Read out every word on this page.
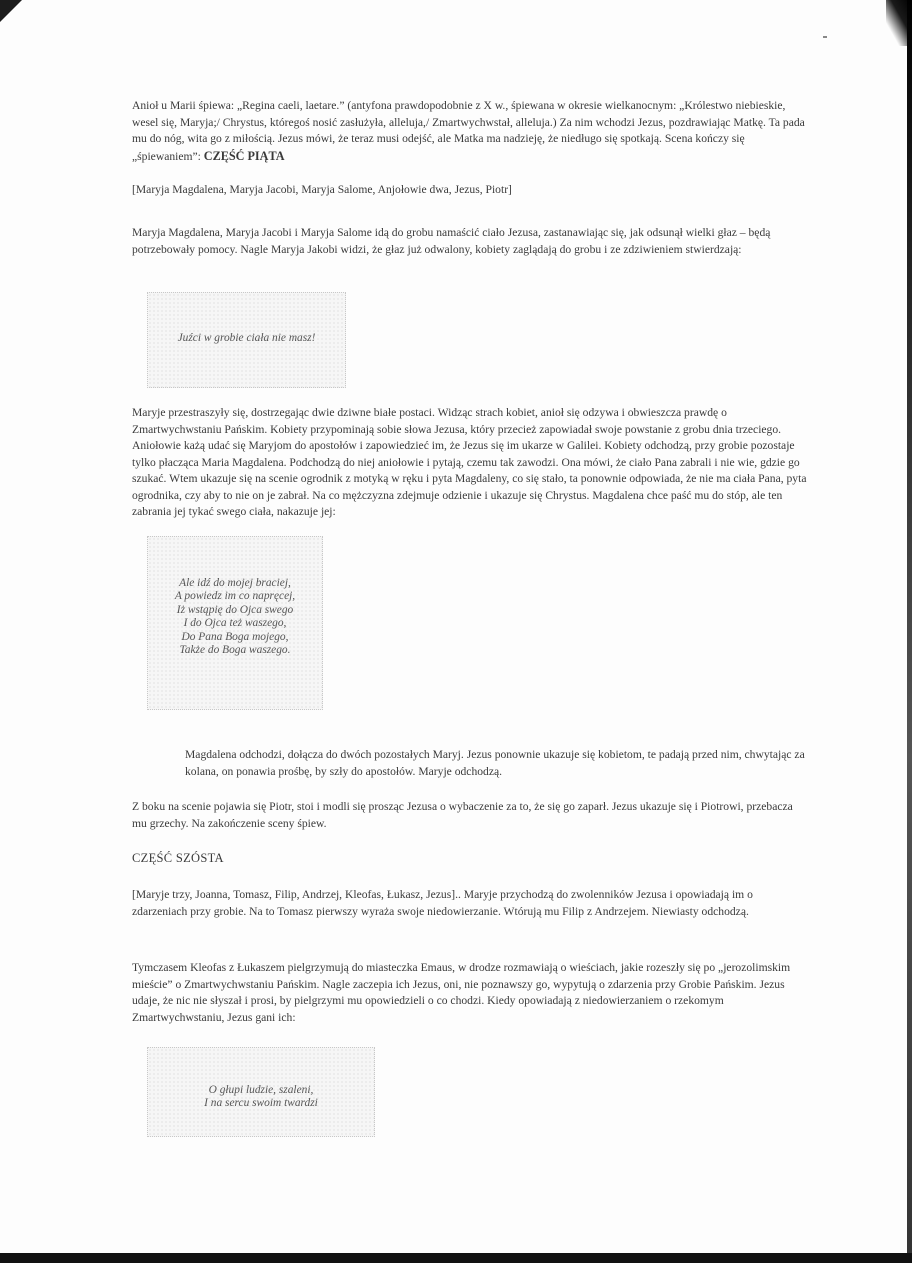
Anioł u Marii śpiewa: „Regina caeli, laetare.” (antyfona prawdopodobnie z X w., śpiewana w okresie wielkanocnym: „Królestwo niebieskie, wesel się, Maryja;/ Chrystus, któregoś nosić zasłużyła, alleluja,/ Zmartwychwstał, alleluja.) Za nim wchodzi Jezus, pozdrawiając Matkę. Ta pada mu do nóg, wita go z miłością. Jezus mówi, że teraz musi odejść, ale Matka ma nadzieję, że niedługo się spotkają. Scena kończy się „śpiewaniem”: CZĘŚĆ PIĄTA

[Maryja Magdalena, Maryja Jacobi, Maryja Salome, Anjołowie dwa, Jezus, Piotr]

Maryja Magdalena, Maryja Jacobi i Maryja Salome idą do grobu namaścić ciało Jezusa, zastanawiając się, jak odsunął wielki głaz – będą potrzebowały pomocy. Nagle Maryja Jakobi widzi, że głaz już odwalony, kobiety zaglądają do grobu i ze zdziwieniem stwierdzają:

Juźci w grobie ciała nie masz!

Maryje przestraszyły się, dostrzegając dwie dziwne białe postaci. Widząc strach kobiet, anioł się odzywa i obwieszcza prawdę o Zmartwychwstaniu Pańskim. Kobiety przypominają sobie słowa Jezusa, który przecież zapowiadał swoje powstanie z grobu dnia trzeciego. Aniołowie każą udać się Maryjom do apostołów i zapowiedzieć im, że Jezus się im ukarze w Galilei. Kobiety odchodzą, przy grobie pozostaje tylko płacząca Maria Magdalena. Podchodzą do niej aniołowie i pytają, czemu tak zawodzi. Ona mówi, że ciało Pana zabrali i nie wie, gdzie go szukać. Wtem ukazuje się na scenie ogrodnik z motyką w ręku i pyta Magdaleny, co się stało, ta ponownie odpowiada, że nie ma ciała Pana, pyta ogrodnika, czy aby to nie on je zabrał. Na co mężczyzna zdejmuje odzienie i ukazuje się Chrystus. Magdalena chce paść mu do stóp, ale ten zabrania jej tykać swego ciała, nakazuje jej:

Ale idź do mojej braciej,
A powiedz im co napręcej,
Iż wstąpię do Ojca swego
I do Ojca też waszego,
Do Pana Boga mojego,
Także do Boga waszego.

Magdalena odchodzi, dołącza do dwóch pozostałych Maryj. Jezus ponownie ukazuje się kobietom, te padają przed nim, chwytając za kolana, on ponawia prośbę, by szły do apostołów. Maryje odchodzą.

Z boku na scenie pojawia się Piotr, stoi i modli się prosząc Jezusa o wybaczenie za to, że się go zaparł. Jezus ukazuje się i Piotrowi, przebacza mu grzechy. Na zakończenie sceny śpiew.

CZĘŚĆ SZÓSTA

[Maryje trzy, Joanna, Tomasz, Filip, Andrzej, Kleofas, Łukasz, Jezus].. Maryje przychodzą do zwolenników Jezusa i opowiadają im o zdarzeniach przy grobie. Na to Tomasz pierwszy wyraża swoje niedowierzanie. Wtórują mu Filip z Andrzejem. Niewiasty odchodzą.

Tymczasem Kleofas z Łukaszem pielgrzymują do miasteczka Emaus, w drodze rozmawiają o wieściach, jakie rozeszły się po „jerozolimskim mieście” o Zmartwychwstaniu Pańskim. Nagle zaczepia ich Jezus, oni, nie poznawszy go, wypytują o zdarzenia przy Grobie Pańskim. Jezus udaje, że nic nie słyszał i prosi, by pielgrzymi mu opowiedzieli o co chodzi. Kiedy opowiadają z niedowierzaniem o rzekomym Zmartwychwstaniu, Jezus gani ich:

O głupi ludzie, szaleni,
I na sercu swoim twardzi
